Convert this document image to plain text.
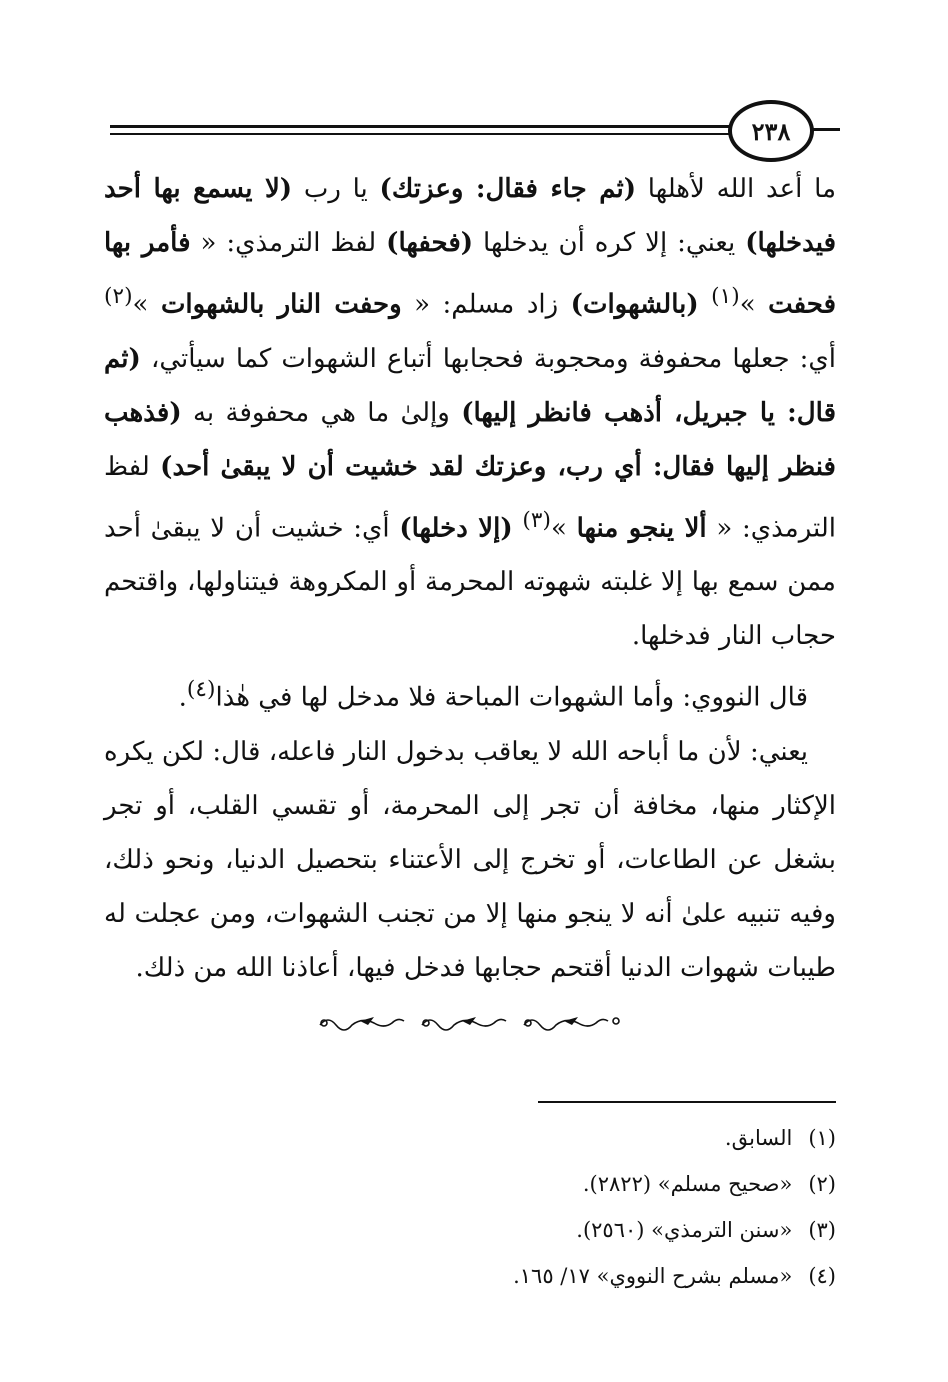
٢٣٨

ما أعد الله لأهلها (ثم جاء فقال: وعزتك) يا رب (لا يسمع بها أحد فيدخلها) يعني: إلا كره أن يدخلها (فحفها) لفظ الترمذي: « فأمر بها فحفت »$^{(١)}$ (بالشهوات) زاد مسلم: « وحفت النار بالشهوات »$^{(٢)}$ أي: جعلها محفوفة ومحجوبة فحجابها أتباع الشهوات كما سيأتي، (ثم قال: يا جبريل، أذهب فانظر إليها) وإلىٰ ما هي محفوفة به (فذهب فنظر إليها فقال: أي رب، وعزتك لقد خشيت أن لا يبقىٰ أحد) لفظ الترمذي: « ألا ينجو منها »$^{(٣)}$ (إلا دخلها) أي: خشيت أن لا يبقىٰ أحد ممن سمع بها إلا غلبته شهوته المحرمة أو المكروهة فيتناولها، واقتحم حجاب النار فدخلها.

قال النووي: وأما الشهوات المباحة فلا مدخل لها في هٰذا$^{(٤)}$.

يعني: لأن ما أباحه الله لا يعاقب بدخول النار فاعله، قال: لكن يكره الإكثار منها، مخافة أن تجر إلى المحرمة، أو تقسي القلب، أو تجر بشغل عن الطاعات، أو تخرج إلى الأعتناء بتحصيل الدنيا، ونحو ذلك، وفيه تنبيه علىٰ أنه لا ينجو منها إلا من تجنب الشهوات، ومن عجلت له طيبات شهوات الدنيا أقتحم حجابها فدخل فيها، أعاذنا الله من ذلك.

(١)السابق.

(٢)«صحيح مسلم» (٢٨٢٢).

(٣)«سنن الترمذي» (٢٥٦٠).

(٤)«مسلم بشرح النووي» ١٧/ ١٦٥.
